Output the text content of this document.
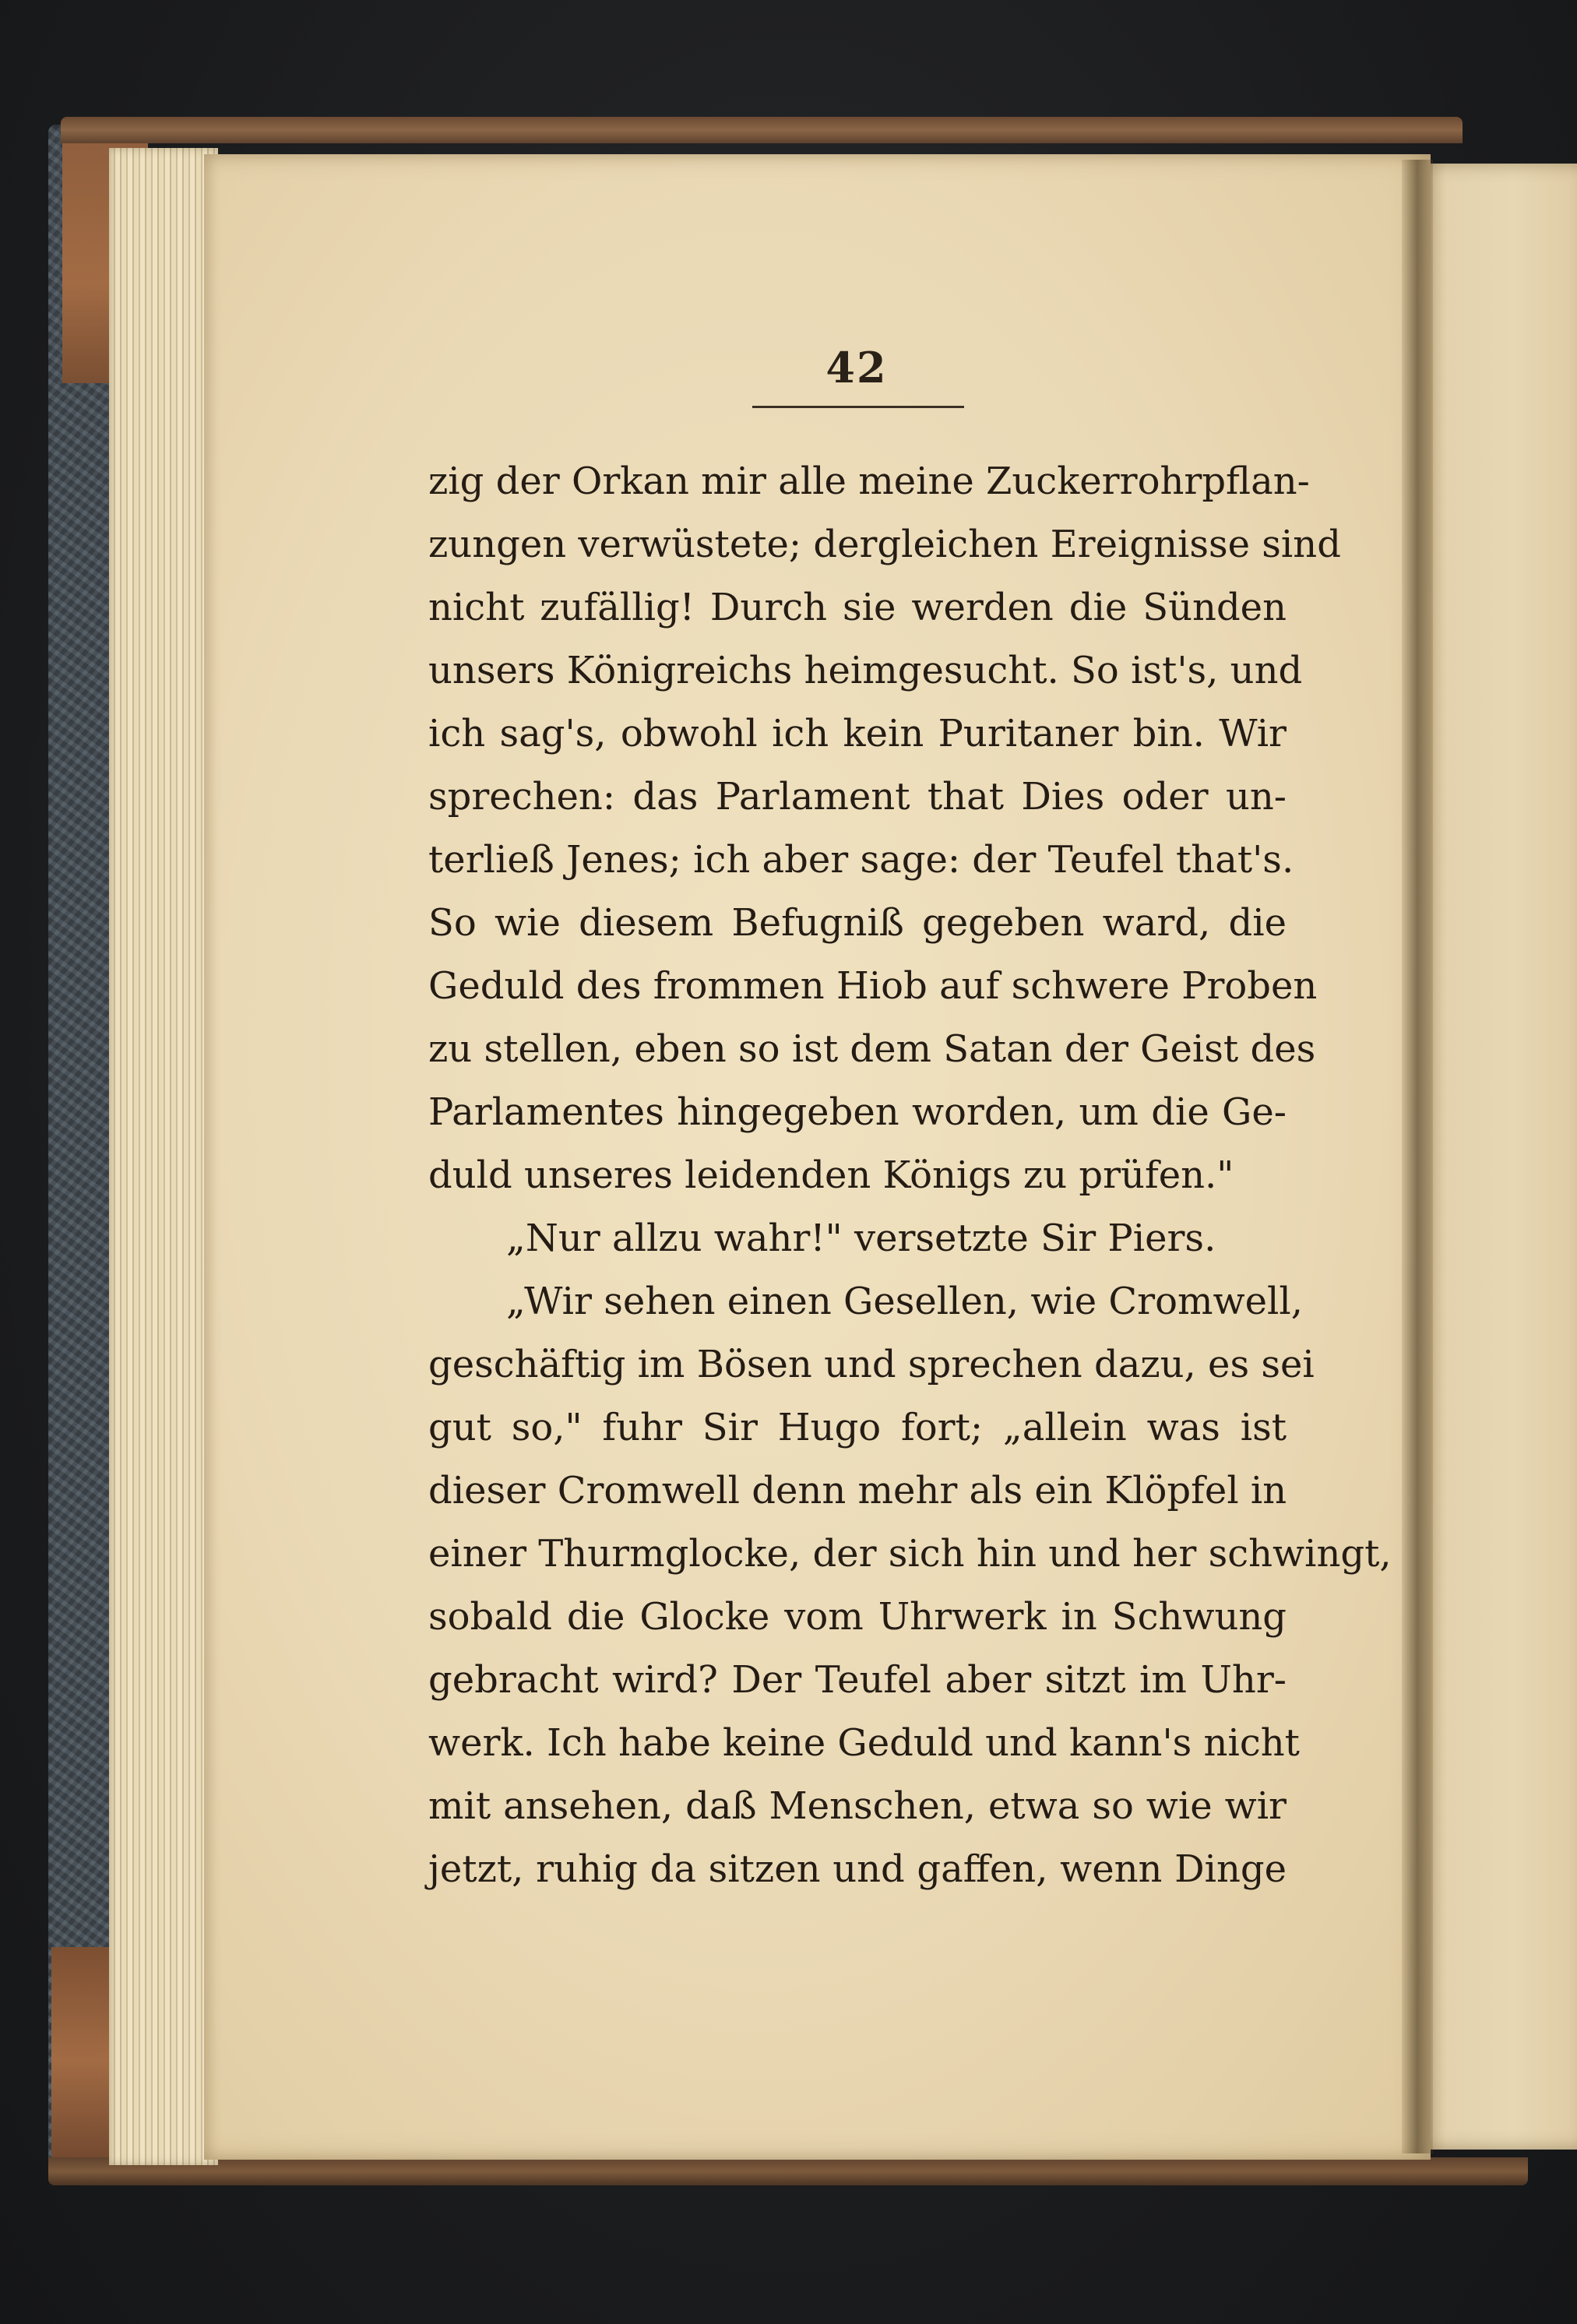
42
zig der Orkan mir alle meine Zuckerrohrpflan-
zungen verwüstete; dergleichen Ereignisse sind
nicht zufällig! Durch sie werden die Sünden
unsers Königreichs heimgesucht. So ist's, und
ich sag's, obwohl ich kein Puritaner bin. Wir
sprechen: das Parlament that Dies oder un-
terließ Jenes; ich aber sage: der Teufel that's.
So wie diesem Befugniß gegeben ward, die
Geduld des frommen Hiob auf schwere Proben
zu stellen, eben so ist dem Satan der Geist des
Parlamentes hingegeben worden, um die Ge-
duld unseres leidenden Königs zu prüfen."
„Nur allzu wahr!" versetzte Sir Piers.
„Wir sehen einen Gesellen, wie Cromwell,
geschäftig im Bösen und sprechen dazu, es sei
gut so," fuhr Sir Hugo fort; „allein was ist
dieser Cromwell denn mehr als ein Klöpfel in
einer Thurmglocke, der sich hin und her schwingt,
sobald die Glocke vom Uhrwerk in Schwung
gebracht wird? Der Teufel aber sitzt im Uhr-
werk. Ich habe keine Geduld und kann's nicht
mit ansehen, daß Menschen, etwa so wie wir
jetzt, ruhig da sitzen und gaffen, wenn Dinge
